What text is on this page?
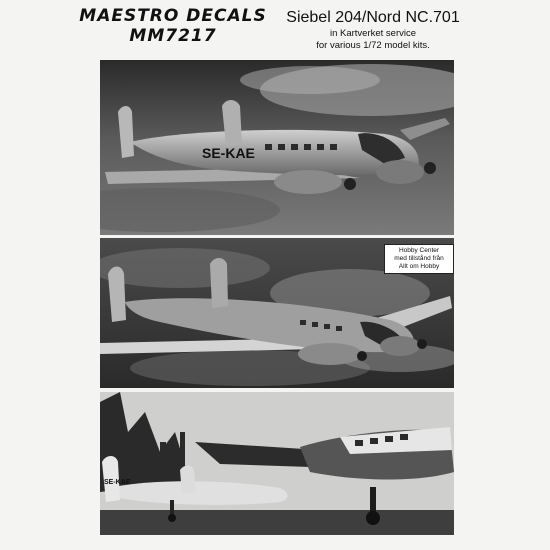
MAESTRO DECALS
MM7217
Siebel 204/Nord NC.701
in Kartverket service
for various 1/72 model kits.
SE-KAE
Hobby Center
med tillstånd från
Allt om Hobby
SE-KAE
